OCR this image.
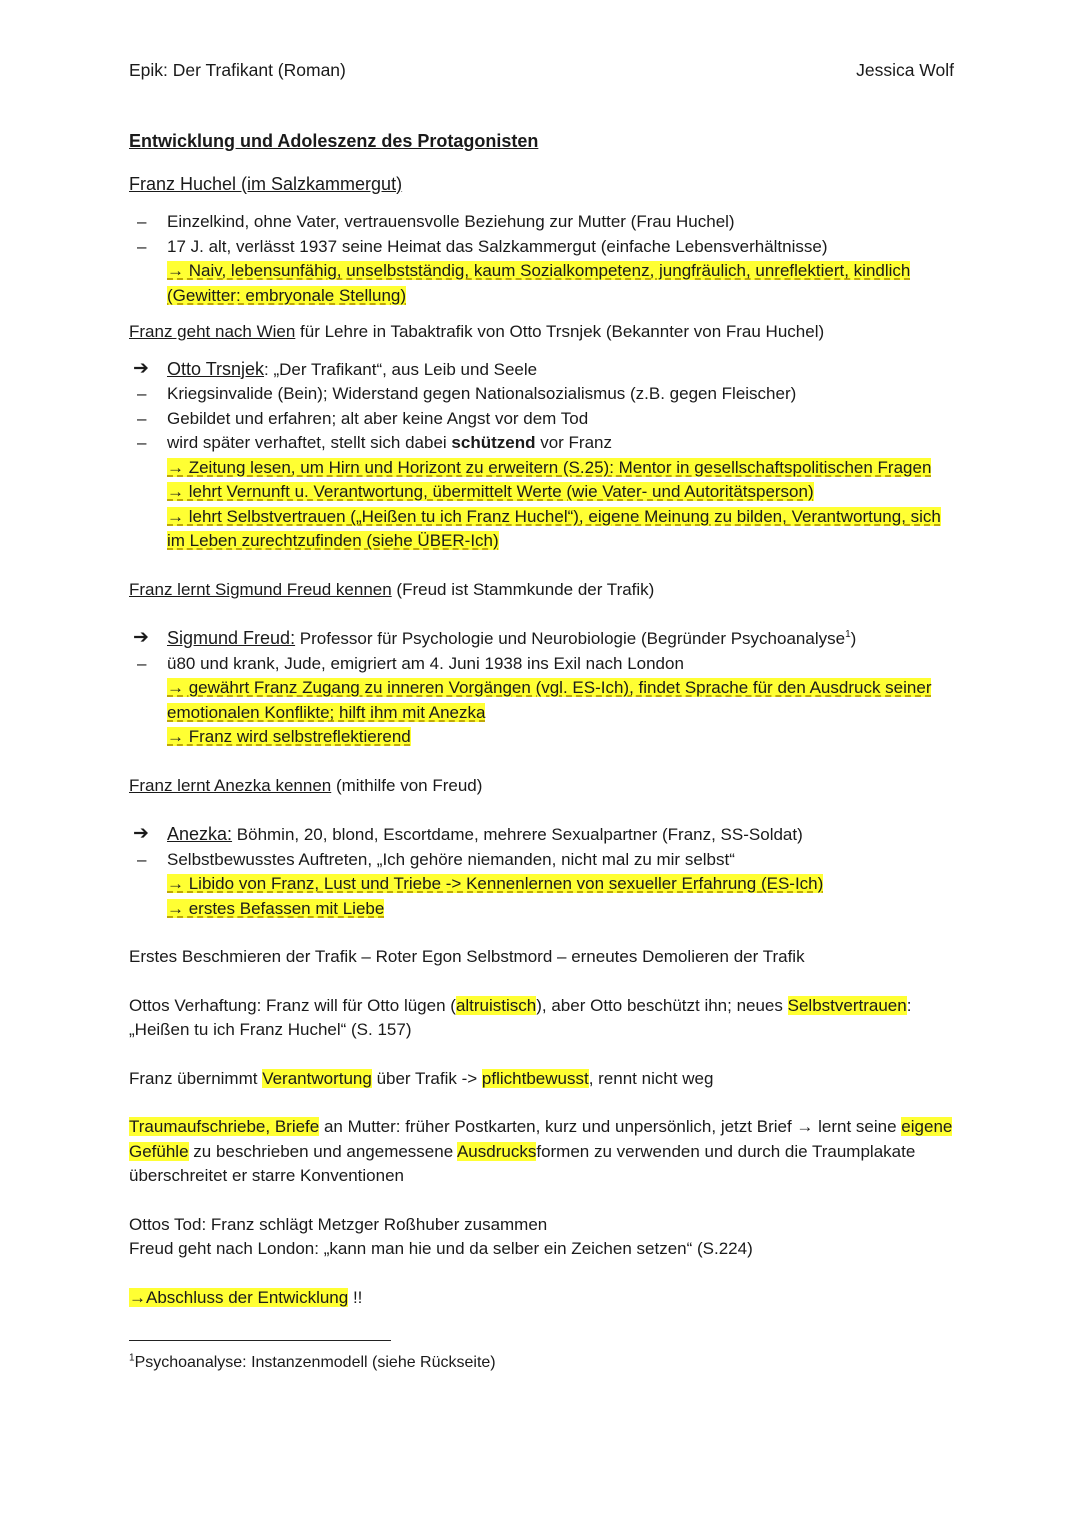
Epik: Der Trafikant (Roman)	Jessica Wolf

Entwicklung und Adoleszenz des Protagonisten

Franz Huchel (im Salzkammergut)

–	Einzelkind, ohne Vater, vertrauensvolle Beziehung zur Mutter (Frau Huchel)
–	17 J. alt, verlässt 1937 seine Heimat das Salzkammergut (einfache Lebensverhältnisse)

→ Naiv, lebensunfähig, unselbstständig, kaum Sozialkompetenz, jungfräulich, unreflektiert, kindlich (Gewitter: embryonale Stellung)

Franz geht nach Wien für Lehre in Tabaktrafik von Otto Trsnjek (Bekannter von Frau Huchel)

➔	Otto Trsnjek: „Der Trafikant“, aus Leib und Seele
–	Kriegsinvalide (Bein); Widerstand gegen Nationalsozialismus (z.B. gegen Fleischer)
–	Gebildet und erfahren; alt aber keine Angst vor dem Tod
–	wird später verhaftet, stellt sich dabei schützend vor Franz

→ Zeitung lesen, um Hirn und Horizont zu erweitern (S.25): Mentor in gesellschaftspolitischen Fragen

→ lehrt Vernunft u. Verantwortung, übermittelt Werte (wie Vater- und Autoritätsperson)

→ lehrt Selbstvertrauen („Heißen tu ich Franz Huchel“), eigene Meinung zu bilden, Verantwortung, sich im Leben zurechtzufinden (siehe ÜBER-Ich)

Franz lernt Sigmund Freud kennen (Freud ist Stammkunde der Trafik)

➔	Sigmund Freud: Professor für Psychologie und Neurobiologie (Begründer Psychoanalyse$^1$)
–	ü80 und krank, Jude, emigriert am 4. Juni 1938 ins Exil nach London

→ gewährt Franz Zugang zu inneren Vorgängen (vgl. ES-Ich), findet Sprache für den Ausdruck seiner emotionalen Konflikte; hilft ihm mit Anezka

→ Franz wird selbstreflektierend

Franz lernt Anezka kennen (mithilfe von Freud)

➔	Anezka: Böhmin, 20, blond, Escortdame, mehrere Sexualpartner (Franz, SS-Soldat)
–	Selbstbewusstes Auftreten, „Ich gehöre niemanden, nicht mal zu mir selbst“

→ Libido von Franz, Lust und Triebe -> Kennenlernen von sexueller Erfahrung (ES-Ich)

→ erstes Befassen mit Liebe

Erstes Beschmieren der Trafik – Roter Egon Selbstmord – erneutes Demolieren der Trafik

Ottos Verhaftung: Franz will für Otto lügen (altruistisch), aber Otto beschützt ihn; neues Selbstvertrauen: „Heißen tu ich Franz Huchel“ (S. 157)

Franz übernimmt Verantwortung über Trafik -> pflichtbewusst, rennt nicht weg

Traumaufschriebe, Briefe an Mutter: früher Postkarten, kurz und unpersönlich, jetzt Brief → lernt seine eigene Gefühle zu beschrieben und angemessene Ausdrucksformen zu verwenden und durch die Traumplakate überschreitet er starre Konventionen

Ottos Tod: Franz schlägt Metzger Roßhuber zusammen

Freud geht nach London: „kann man hie und da selber ein Zeichen setzen“ (S.224)

→Abschluss der Entwicklung !!

$^1$Psychoanalyse: Instanzenmodell (siehe Rückseite)
